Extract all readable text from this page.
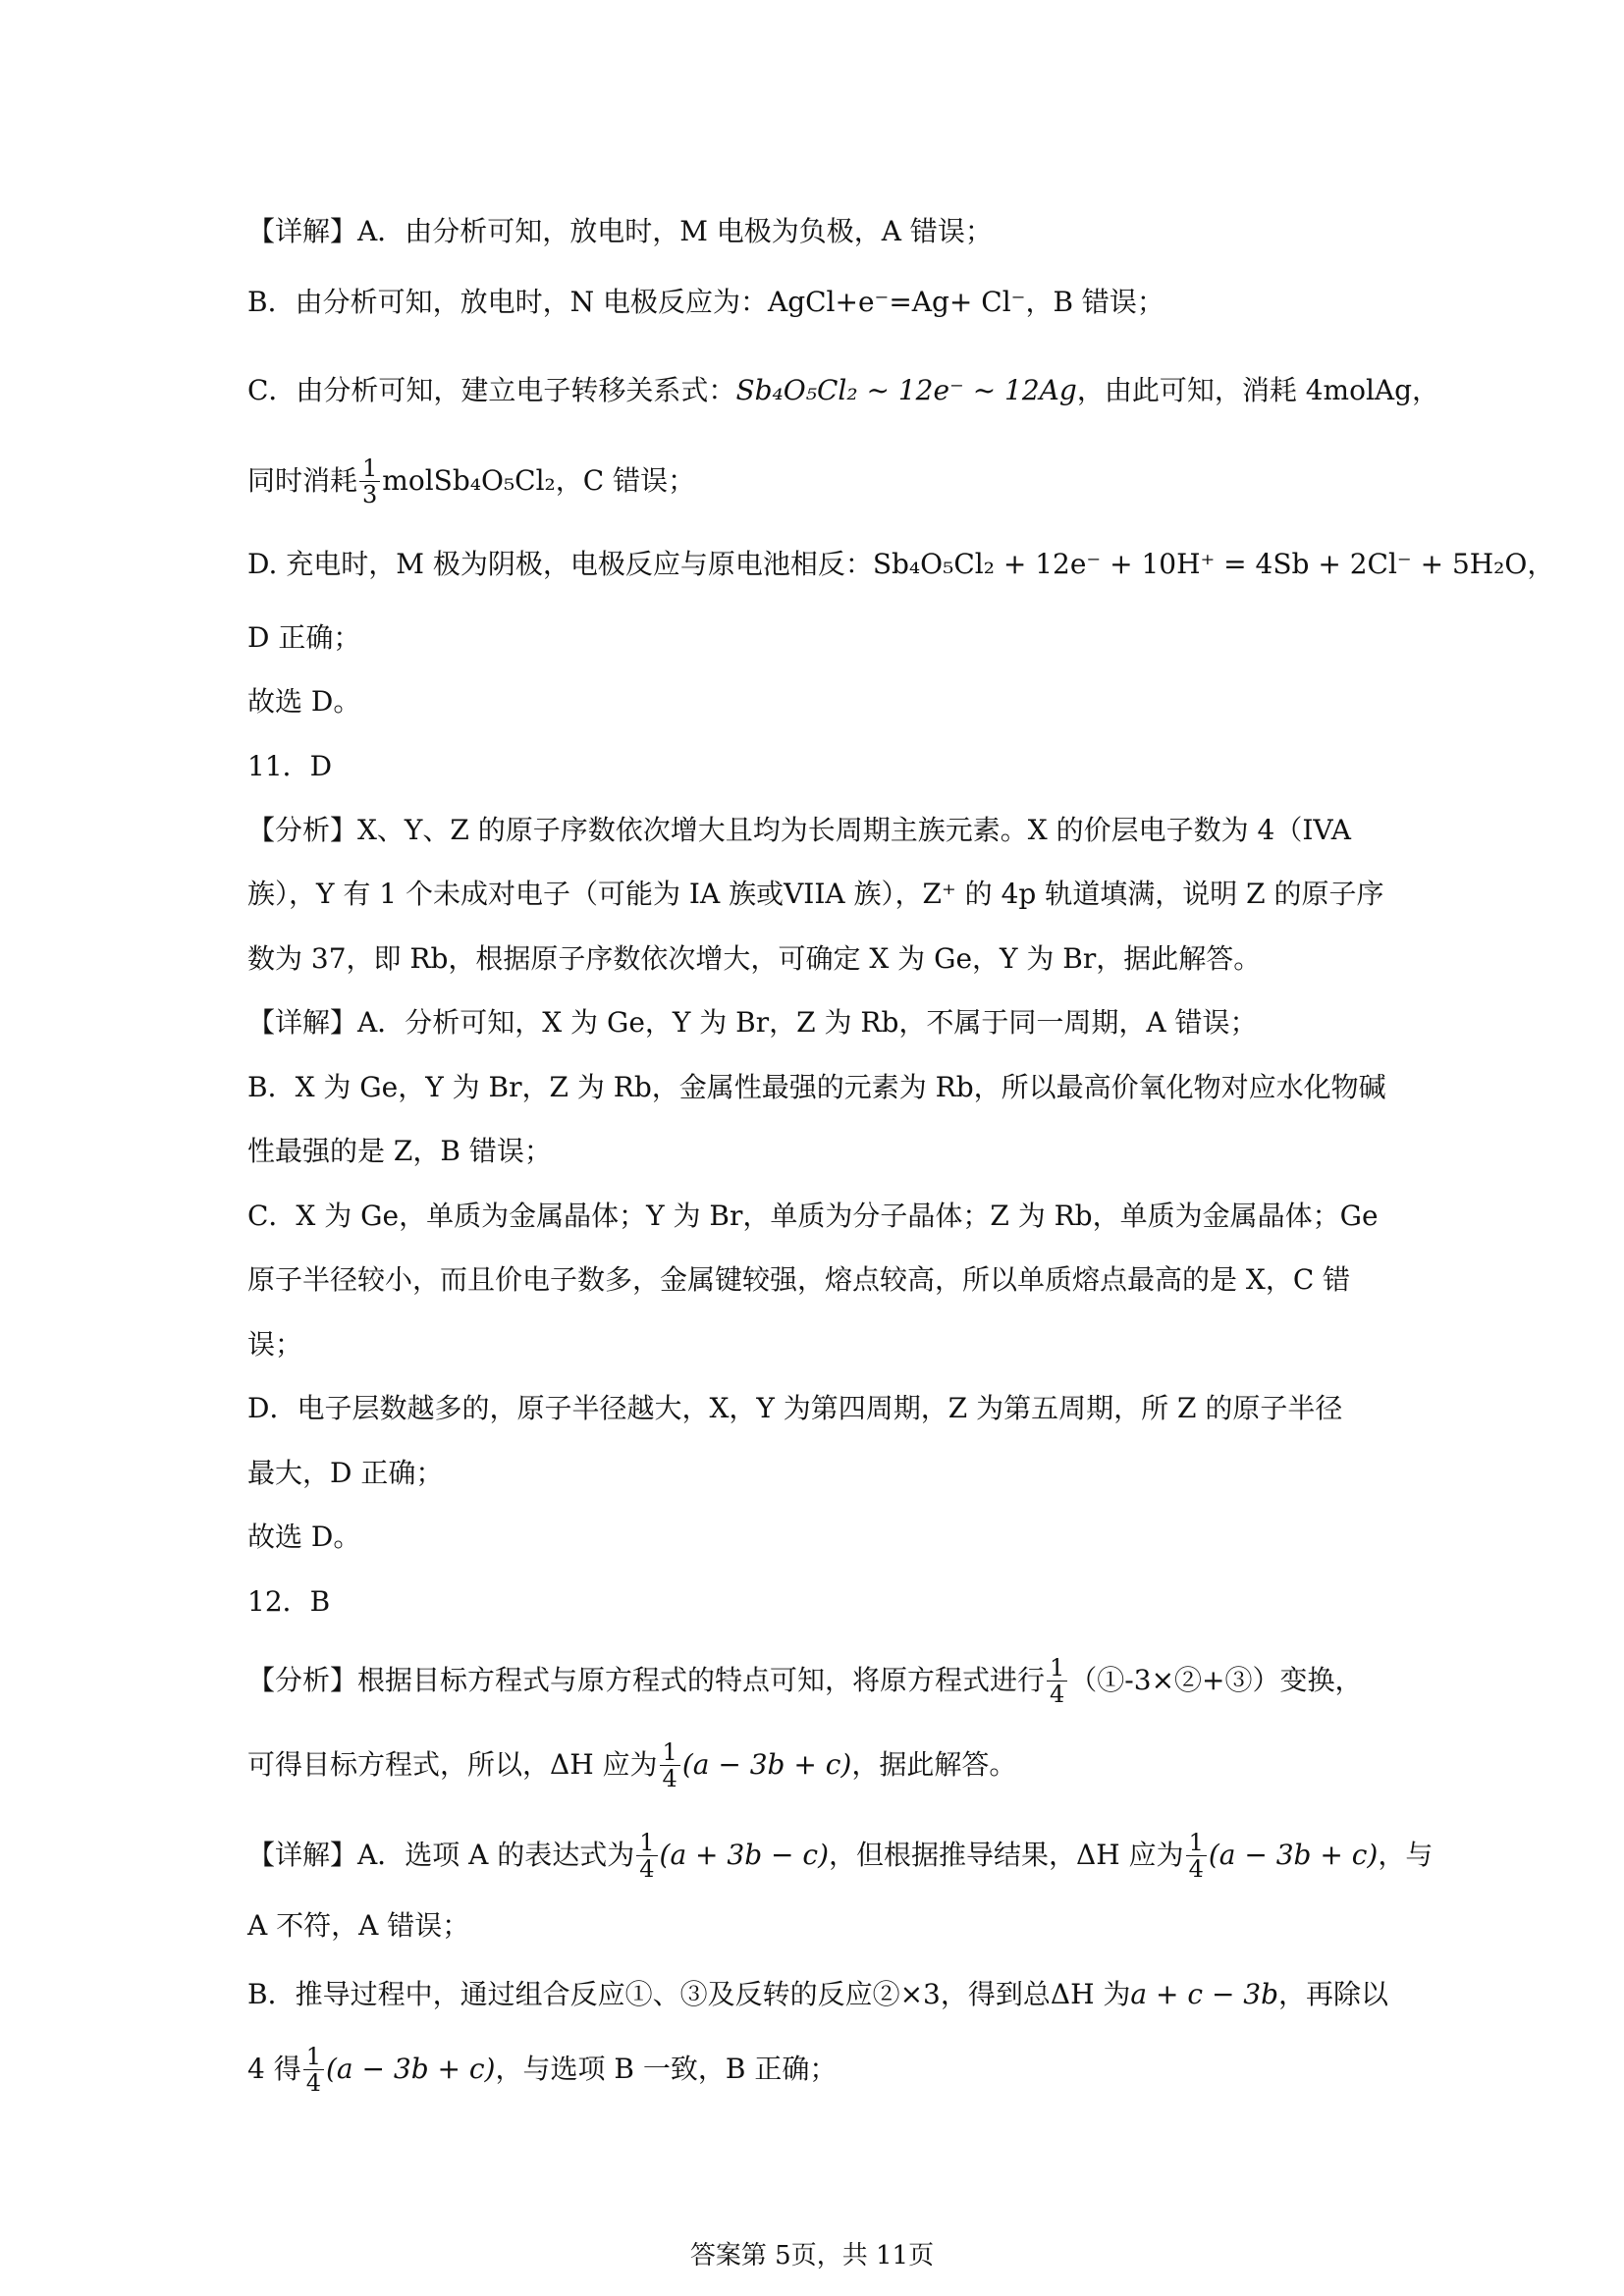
【详解】A．由分析可知，放电时，M 电极为负极，A 错误；
B．由分析可知，放电时，N 电极反应为：AgCl+e⁻=Ag+ Cl⁻，B 错误；
C．由分析可知，建立电子转移关系式： Sb₄O₅Cl₂ ~ 12e⁻ ~ 12Ag ，由此可知，消耗 4molAg，
同时消耗 $\frac{1}{3}$ molSb₄O₅Cl₂，C 错误；
D. 充电时，M 极为阴极，电极反应与原电池相反：Sb₄O₅Cl₂ + 12e⁻ + 10H⁺ = 4Sb + 2Cl⁻ + 5H₂O，
D 正确；
故选 D。
11．D
【分析】X、Y、Z 的原子序数依次增大且均为长周期主族元素。X 的价层电子数为 4（IVA
族），Y 有 1 个未成对电子（可能为 IA 族或VIIA 族），Z⁺ 的 4p 轨道填满，说明 Z 的原子序
数为 37，即 Rb，根据原子序数依次增大，可确定 X 为 Ge，Y 为 Br，据此解答。
【详解】A．分析可知，X 为 Ge，Y 为 Br，Z 为 Rb，不属于同一周期，A 错误；
B．X 为 Ge，Y 为 Br，Z 为 Rb，金属性最强的元素为 Rb，所以最高价氧化物对应水化物碱
性最强的是 Z，B 错误；
C．X 为 Ge，单质为金属晶体；Y 为 Br，单质为分子晶体；Z 为 Rb，单质为金属晶体；Ge
原子半径较小，而且价电子数多，金属键较强，熔点较高，所以单质熔点最高的是 X，C 错
误；
D．电子层数越多的，原子半径越大，X，Y 为第四周期，Z 为第五周期，所 Z 的原子半径
最大，D 正确；
故选 D。
12．B
【分析】根据目标方程式与原方程式的特点可知，将原方程式进行 $\frac{1}{4}$ （①-3×②+③）变换，
可得目标方程式，所以，ΔH 应为 $\frac{1}{4} (a - 3b + c)$ ，据此解答。
【详解】A．选项 A 的表达式为 $\frac{1}{4} (a + 3b - c)$ ，但根据推导结果，ΔH 应为 $\frac{1}{4} (a - 3b + c)$ ，与
A 不符，A 错误；
B．推导过程中，通过组合反应①、③及反转的反应②×3，得到总ΔH 为 a + c − 3b ，再除以
4 得 $\frac{1}{4} (a - 3b + c)$ ，与选项 B 一致，B 正确；
答案第 5页，共 11页
